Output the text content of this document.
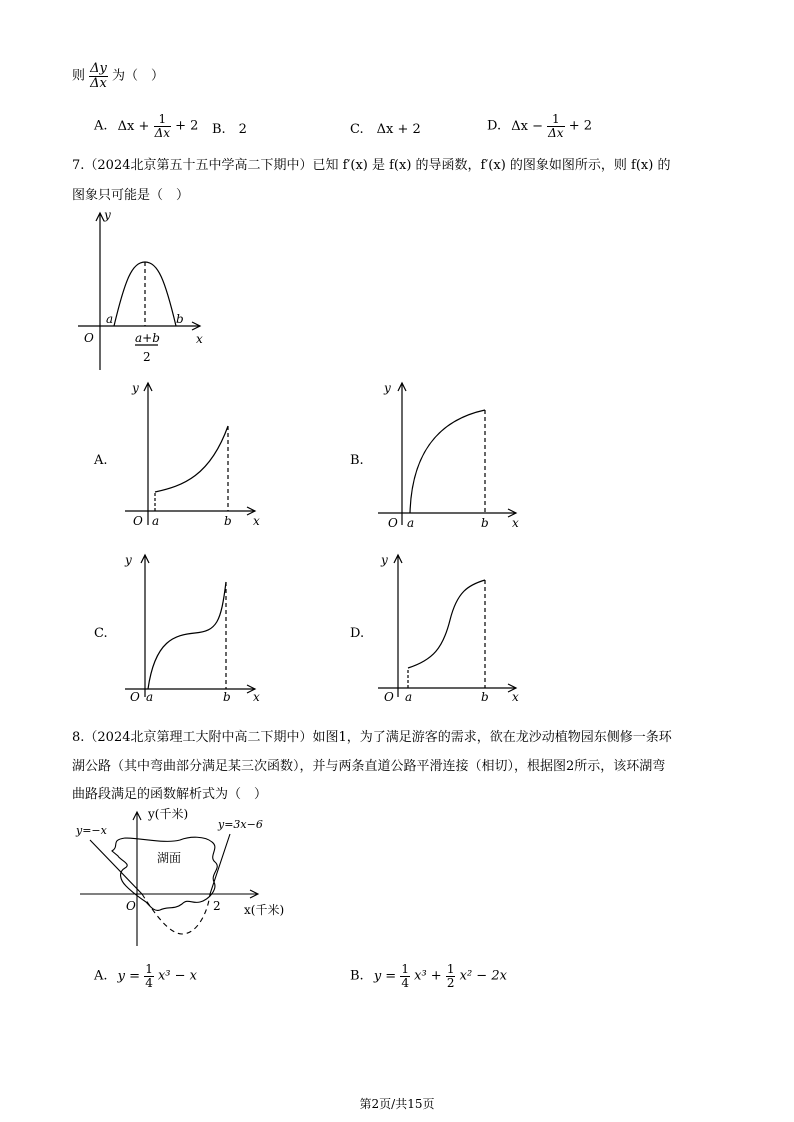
则 $\frac{\Delta y}{\Delta x}$ 为（　）
A. $\Delta x + \frac{1}{\Delta x} + 2$ B.　2	C.　Δx + 2	D. $\Delta x - \frac{1}{\Delta x} + 2$
7.（2024北京第五十五中学高二下期中）已知 f′(x) 是 f(x) 的导函数，f′(x) 的图象如图所示，则 f(x) 的
图象只可能是（　）
y
x
O
a	b
a+b
2
A.
y
O a	b x
B.
y
O a	b x
C.
y
O a	b x
D.
y
O a	b x
8.（2024北京第理工大附中高二下期中）如图1，为了满足游客的需求，欲在龙沙动植物园东侧修一条环
湖公路（其中弯曲部分满足某三次函数），并与两条直道公路平滑连接（相切），根据图2所示，该环湖弯
曲路段满足的函数解析式为（　）
y(千米)
x(千米)
y=−x	y=3x−6
湖面
O	2
A. $y = \frac{1}{4} x^3 - x$	B. $y = \frac{1}{4} x^3 + \frac{1}{2} x^2 - 2x$
第2页/共15页
